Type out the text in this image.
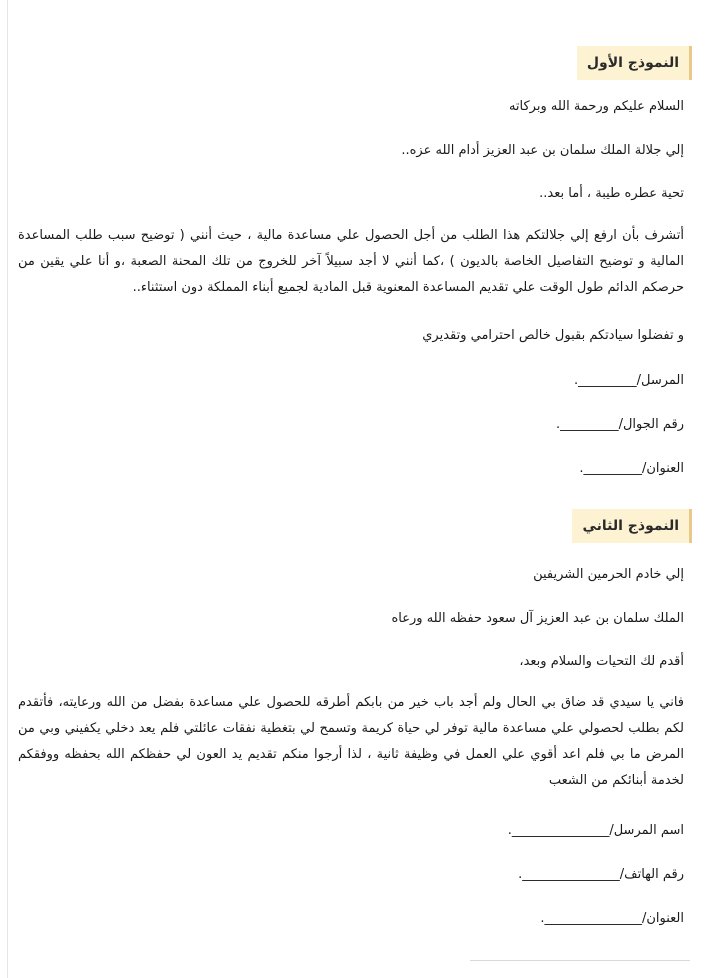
النموذج الأول
السلام عليكم ورحمة الله وبركاته
إلي جلالة الملك سلمان بن عبد العزيز أدام الله عزه..
تحية عطره طيبة ، أما بعد..
أتشرف بأن ارفع إلي جلالتكم هذا الطلب من أجل الحصول علي مساعدة مالية ، حيث أنني ( توضيح سبب طلب المساعدة المالية و توضيح التفاصيل الخاصة بالديون ) ،كما أنني لا أجد سبيلاً آخر للخروج من تلك المحنة الصعبة ،و أنا علي يقين من حرصكم الدائم طول الوقت علي تقديم المساعدة المعنوية قبل المادية لجميع أبناء المملكة دون استثناء..
و تفضلوا سيادتكم بقبول خالص احترامي وتقديري
المرسل/_________.
رقم الجوال/_________.
العنوان/_________.
النموذج الثاني
إلي خادم الحرمين الشريفين
الملك سلمان بن عبد العزيز آل سعود حفظه الله ورعاه
أقدم لك التحيات والسلام وبعد،
فاني يا سيدي قد ضاق بي الحال ولم أجد باب خير من بابكم أطرقه للحصول علي مساعدة بفضل من الله ورعايته، فأتقدم لكم بطلب لحصولي علي مساعدة مالية توفر لي حياة كريمة وتسمح لي بتغطية نفقات عائلتي فلم يعد دخلي يكفيني وبي من المرض ما بي فلم اعد أقوي علي العمل في وظيفة ثانية ، لذا أرجوا منكم تقديم يد العون لي حفظكم الله بحفظه ووفقكم لخدمة أبنائكم من الشعب
اسم المرسل/_______________.
رقم الهاتف/_______________.
العنوان/_______________.
